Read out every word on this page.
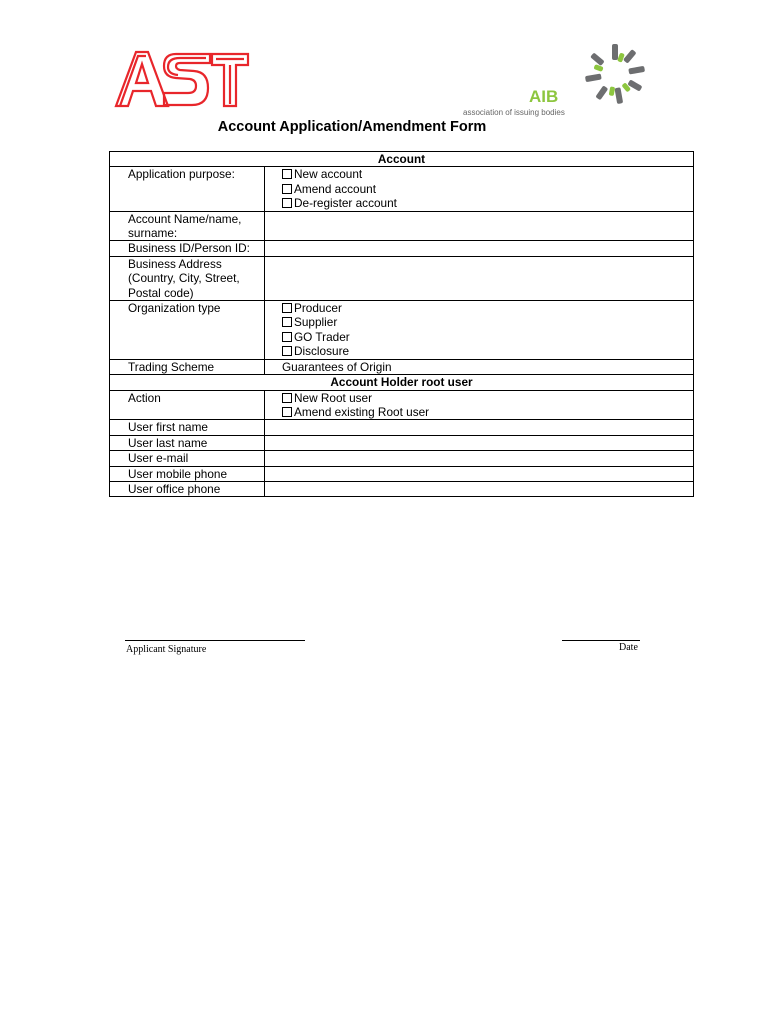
AIB
association of issuing bodies
Account Application/Amendment Form
Account	
Application purpose:	New account
Amend account
De-register account

Account Name/name, surname:	
Business ID/Person ID:	
Business Address (Country, City, Street, Postal code)	
Organization type	Producer
Supplier
GO Trader
Disclosure

Trading Scheme	Guarantees of Origin
Account Holder root user	
Action	New Root user
Amend existing Root user

User first name	
User last name	
User e-mail	
User mobile phone	
User office phone	
Applicant Signature	Date
